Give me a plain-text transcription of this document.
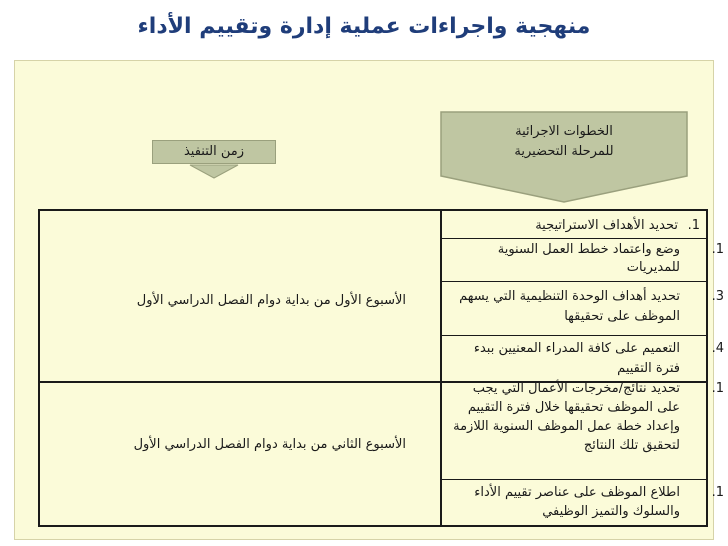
منهجية واجراءات عملية إدارة وتقييم الأداء
الخطوات الاجرائية
للمرحلة التحضيرية
زمن التنفيذ
1.تحديد الأهداف الاستراتيجية
1.وضع واعتماد خطط العمل السنوية للمديريات
3.تحديد أهداف الوحدة التنظيمية التي يسهم الموظف على تحقيقها
4.التعميم على كافة المدراء المعنيين ببدء فترة التقييم
1.تحديد نتائج/مخرجات الأعمال التي يجب على الموظف تحقيقها خلال فترة التقييم وإعداد خطة عمل الموظف السنوية اللازمة لتحقيق تلك النتائج
1.اطلاع الموظف على عناصر تقييم الأداء والسلوك والتميز الوظيفي
الأسبوع الأول من بداية دوام الفصل الدراسي الأول
الأسبوع الثاني من بداية دوام الفصل الدراسي الأول
